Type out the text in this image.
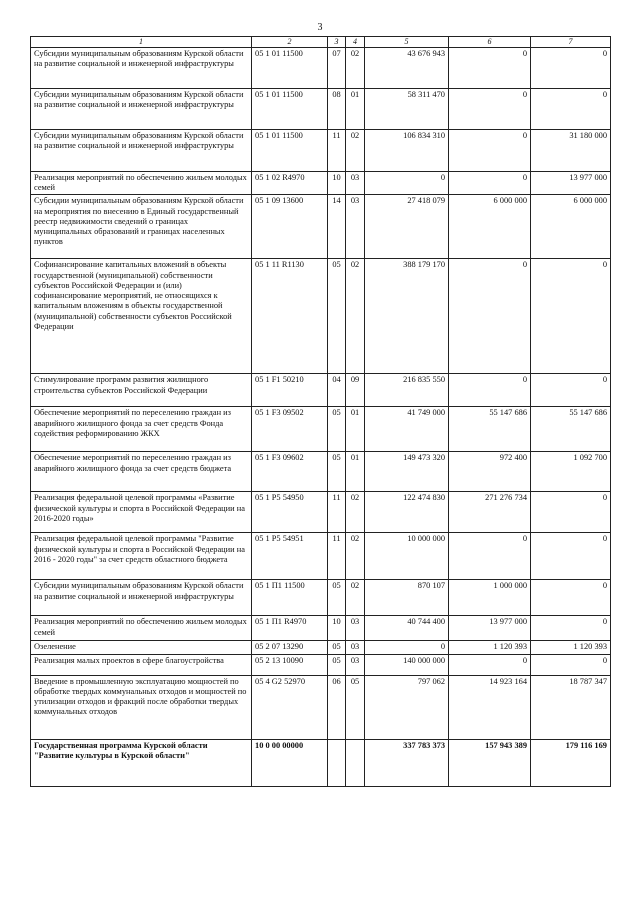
3
1	2	3	4	5	6	7
Субсидии муниципальным образованиям Курской области на развитие социальной и инженерной инфраструктуры	05 1 01 11500	07	02	43 676 943	0	0
Субсидии муниципальным образованиям Курской области на развитие социальной и инженерной инфраструктуры	05 1 01 11500	08	01	58 311 470	0	0
Субсидии муниципальным образованиям Курской области на развитие социальной и инженерной инфраструктуры	05 1 01 11500	11	02	106 834 310	0	31 180 000
Реализация мероприятий по обеспечению жильем молодых семей	05 1 02 R4970	10	03	0	0	13 977 000
Субсидии муниципальным образованиям Курской области на мероприятия по внесению в Единый государственный реестр недвижимости сведений о границах муниципальных образований и границах населенных пунктов	05 1 09 13600	14	03	27 418 079	6 000 000	6 000 000
Софинансирование капитальных вложений в объекты государственной (муниципальной) собственности субъектов Российской Федерации и (или) софинансирование мероприятий, не относящихся к капитальным вложениям в объекты государственной (муниципальной) собственности субъектов Российской Федерации	05 1 11 R1130	05	02	388 179 170	0	0
Стимулирование программ развития жилищного строительства субъектов Российской Федерации	05 1 F1 50210	04	09	216 835 550	0	0
Обеспечение мероприятий по переселению граждан из аварийного жилищного фонда за счет средств Фонда содействия реформированию ЖКХ	05 1 F3 09502	05	01	41 749 000	55 147 686	55 147 686
Обеспечение мероприятий по переселению граждан из аварийного жилищного фонда за счет средств бюджета	05 1 F3 09602	05	01	149 473 320	972 400	1 092 700
Реализация федеральной целевой программы «Развитие физической культуры и спорта в Российской Федерации на 2016-2020 годы»	05 1 P5 54950	11	02	122 474 830	271 276 734	0
Реализация федеральной целевой программы "Развитие физической культуры и спорта в Российской Федерации на 2016 - 2020 годы" за счет средств областного бюджета	05 1 P5 54951	11	02	10 000 000	0	0
Субсидии муниципальным образованиям Курской области на развитие социальной и инженерной инфраструктуры	05 1 П1 11500	05	02	870 107	1 000 000	0
Реализация мероприятий по обеспечению жильем молодых семей	05 1 П1 R4970	10	03	40 744 400	13 977 000	0
Озеленение	05 2 07 13290	05	03	0	1 120 393	1 120 393
Реализация малых проектов в сфере благоустройства	05 2 13 10090	05	03	140 000 000	0	0
Введение в промышленную эксплуатацию мощностей по обработке твердых коммунальных отходов и мощностей по утилизации отходов и фракций после обработки твердых коммунальных отходов	05 4 G2 52970	06	05	797 062	14 923 164	18 787 347
Государственная программа Курской области "Развитие культуры в Курской области"	10 0 00 00000			337 783 373	157 943 389	179 116 169
